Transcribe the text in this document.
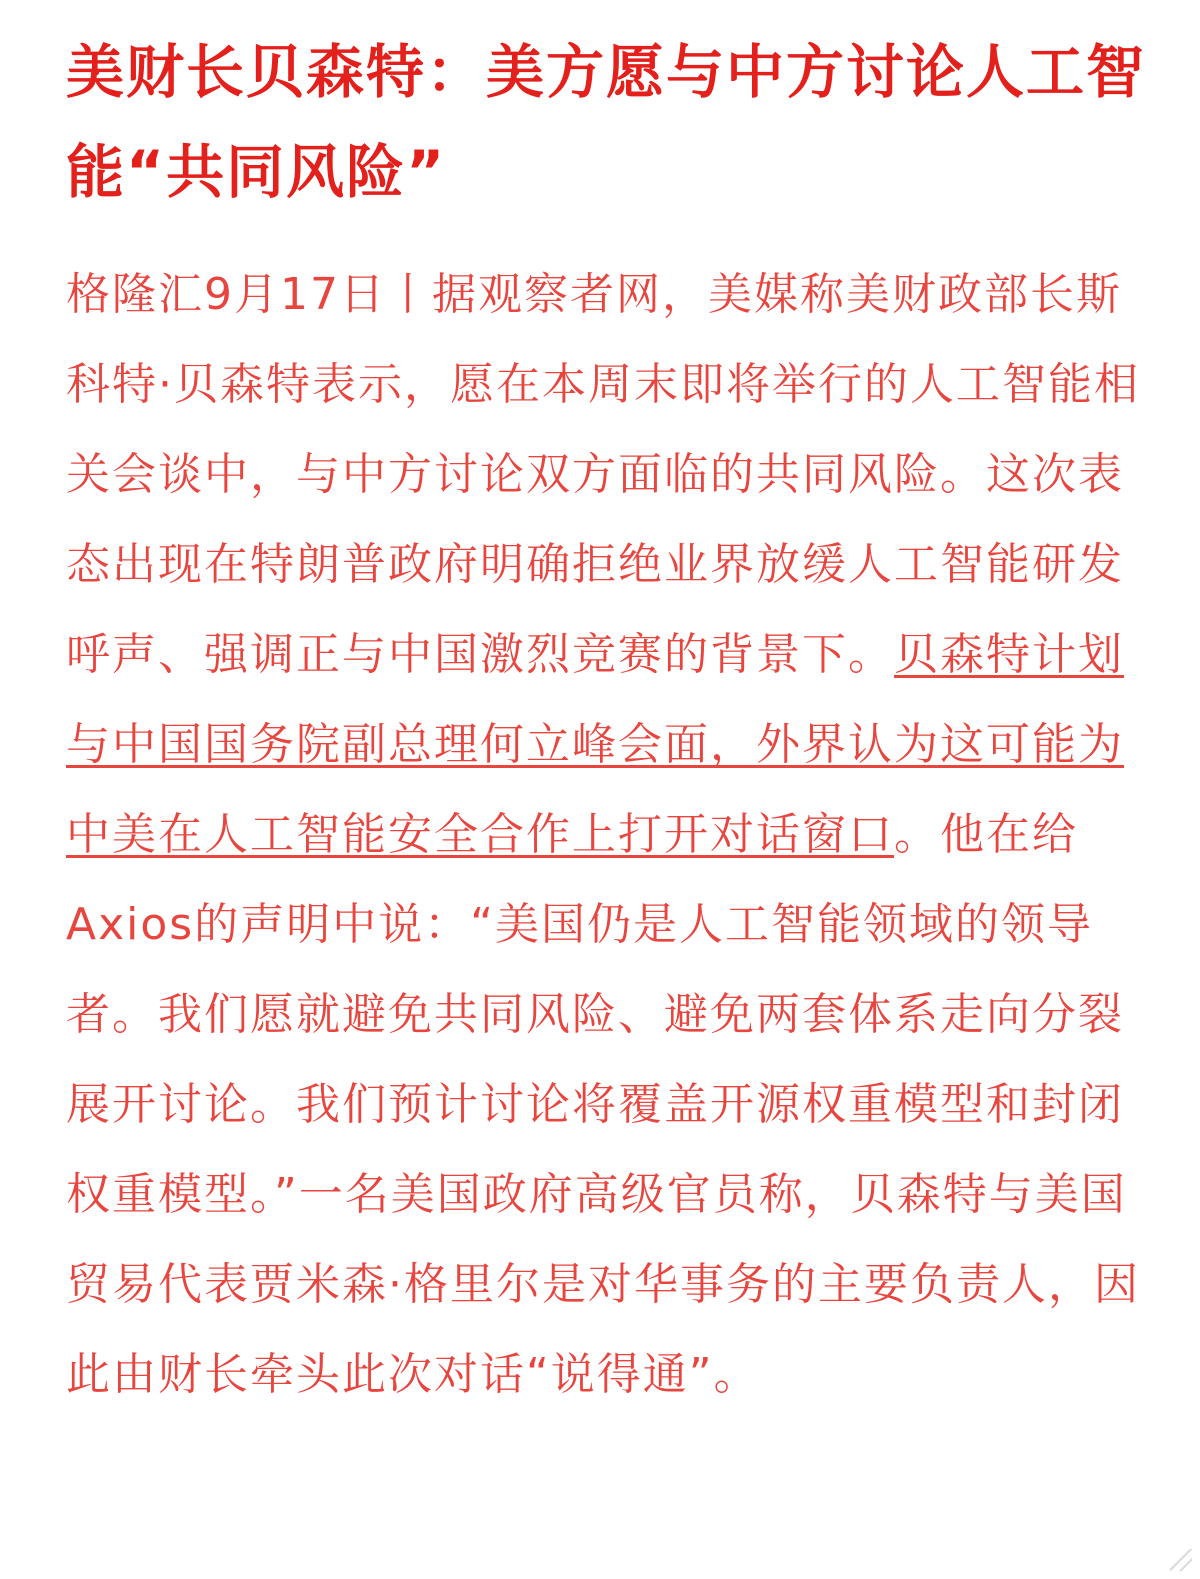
美财长贝森特：美方愿与中方讨论人工智能“共同风险”

格隆汇9月17日丨据观察者网，美媒称美财政部长斯科特·贝森特表示，愿在本周末即将举行的人工智能相关会谈中，与中方讨论双方面临的共同风险。这次表态出现在特朗普政府明确拒绝业界放缓人工智能研发呼声、强调正与中国激烈竞赛的背景下。贝森特计划与中国国务院副总理何立峰会面，外界认为这可能为中美在人工智能安全合作上打开对话窗口。他在给Axios的声明中说：“美国仍是人工智能领域的领导者。我们愿就避免共同风险、避免两套体系走向分裂展开讨论。我们预计讨论将覆盖开源权重模型和封闭权重模型。”一名美国政府高级官员称，贝森特与美国贸易代表贾米森·格里尔是对华事务的主要负责人，因此由财长牵头此次对话“说得通”。
